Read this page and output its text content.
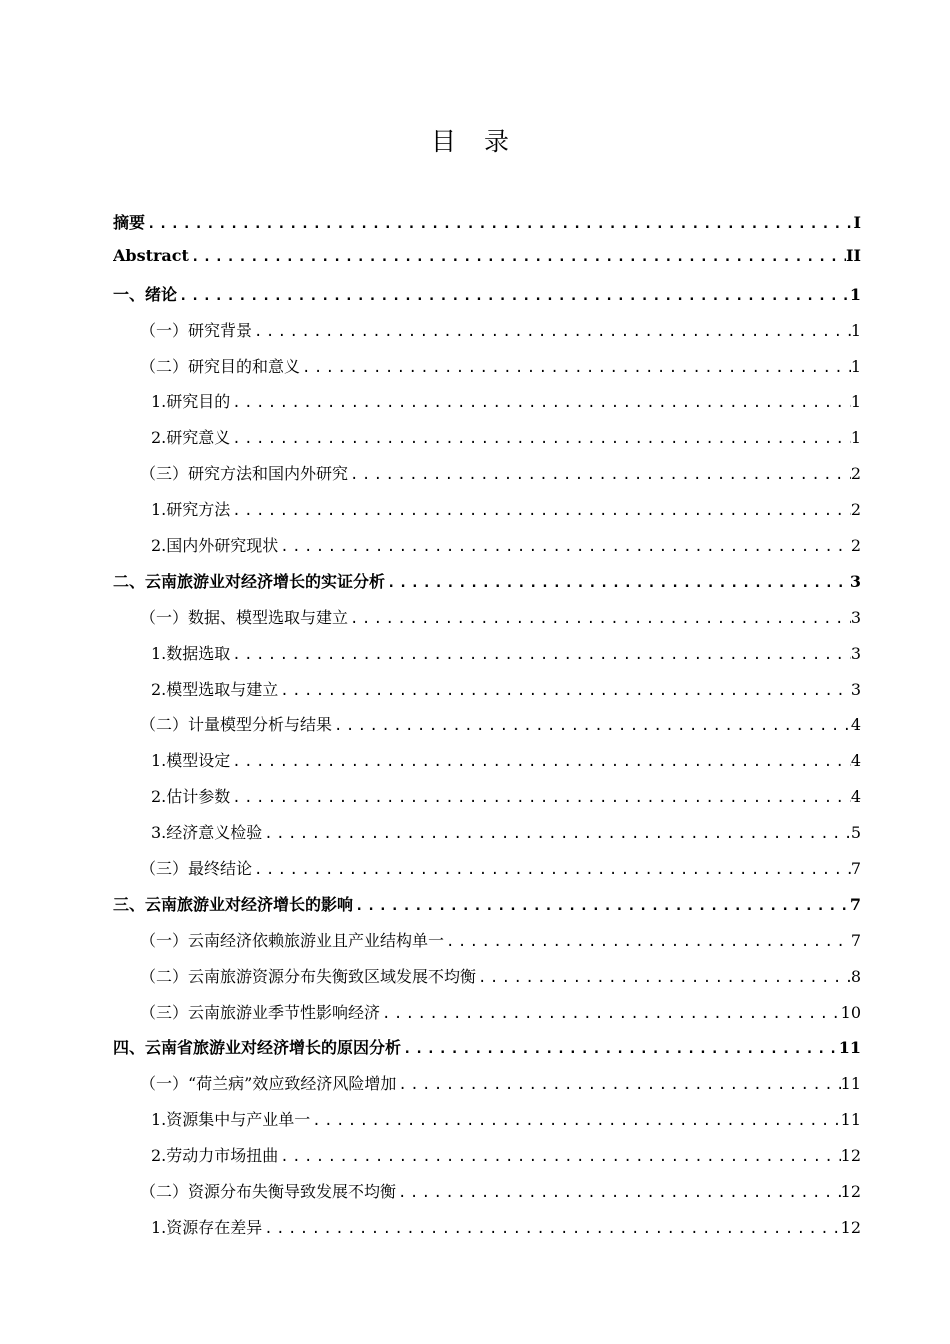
目 录
摘要 .....	I
Abstract .....	II
一、绪论 .....	1
（一）研究背景 .....	1
（二）研究目的和意义 .....	1
1.研究目的 .....	1
2.研究意义 .....	1
（三）研究方法和国内外研究 .....	2
1.研究方法 .....	2
2.国内外研究现状 .....	2
二、云南旅游业对经济增长的实证分析 .....	3
（一）数据、模型选取与建立 .....	3
1.数据选取 .....	3
2.模型选取与建立 .....	3
（二）计量模型分析与结果 .....	4
1.模型设定 .....	4
2.估计参数 .....	4
3.经济意义检验 .....	5
（三）最终结论 .....	7
三、云南旅游业对经济增长的影响 .....	7
（一）云南经济依赖旅游业且产业结构单一 .....	7
（二）云南旅游资源分布失衡致区域发展不均衡 .....	8
（三）云南旅游业季节性影响经济 .....	10
四、云南省旅游业对经济增长的原因分析 .....	11
（一）“荷兰病”效应致经济风险增加 .....	11
1.资源集中与产业单一 .....	11
2.劳动力市场扭曲 .....	12
（二）资源分布失衡导致发展不均衡 .....	12
1.资源存在差异 .....	12
